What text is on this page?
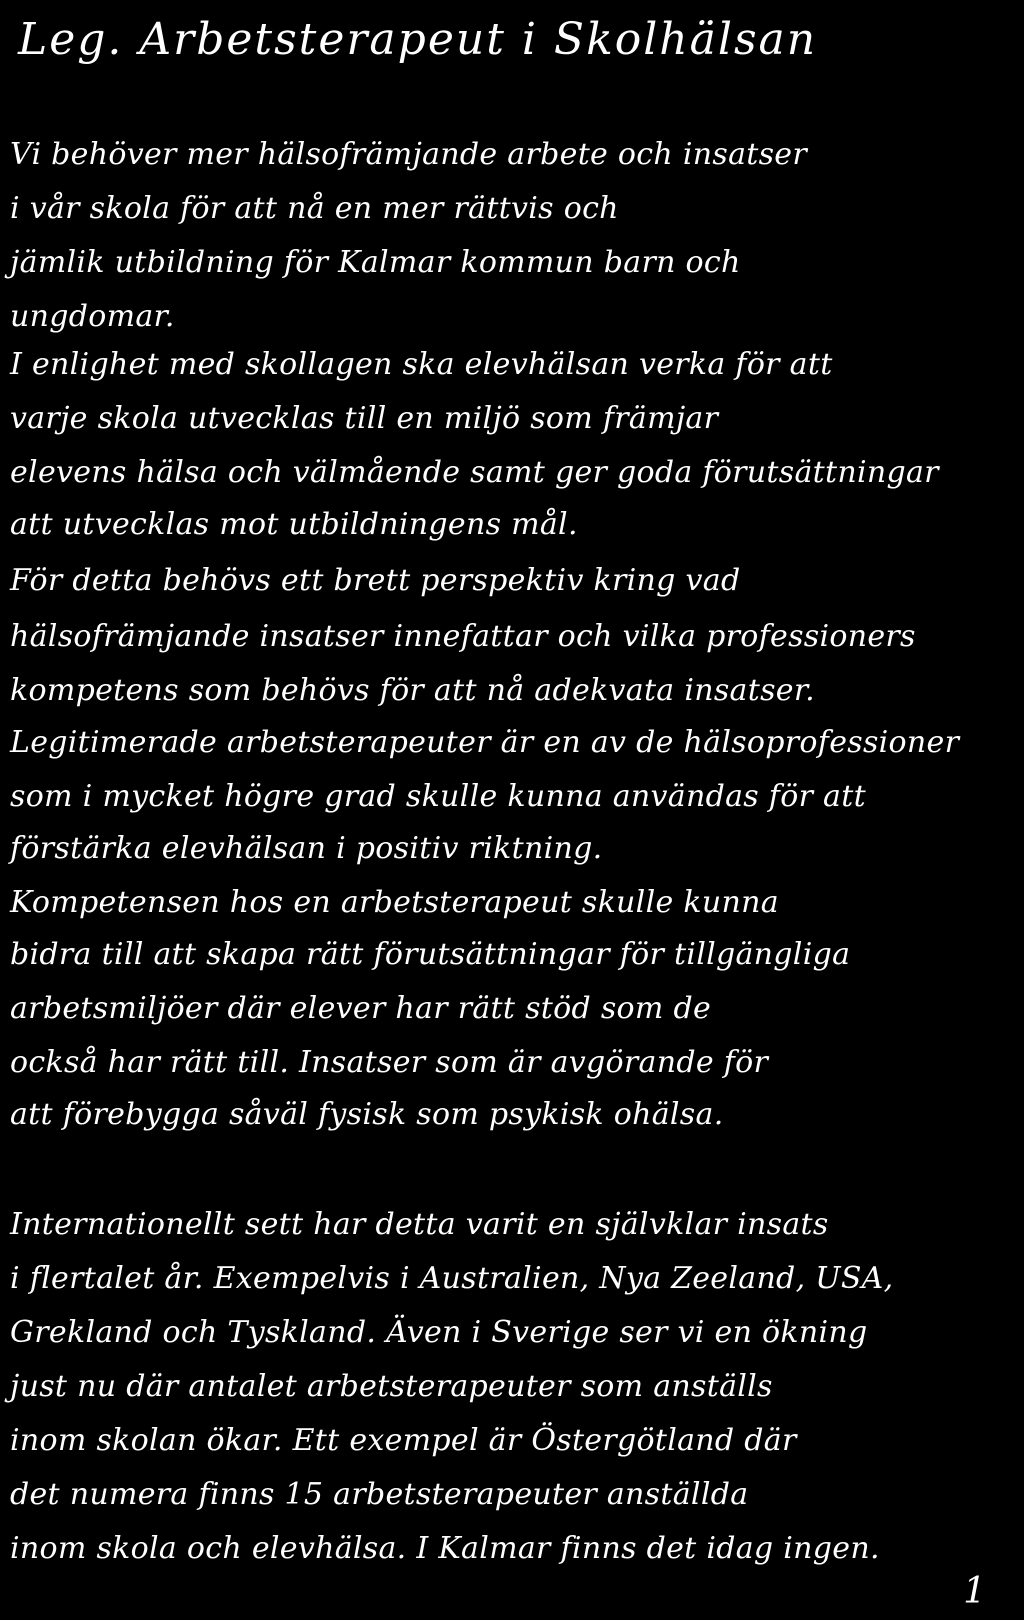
Leg. Arbetsterapeut i Skolhälsan
Vi behöver mer hälsofrämjande arbete och insatser
i vår skola för att nå en mer rättvis och
jämlik utbildning för Kalmar kommun barn och
ungdomar.
I enlighet med skollagen ska elevhälsan verka för att
varje skola utvecklas till en miljö som främjar
elevens hälsa och välmående samt ger goda förutsättningar
att utvecklas mot utbildningens mål.
För detta behövs ett brett perspektiv kring vad
hälsofrämjande insatser innefattar och vilka professioners
kompetens som behövs för att nå adekvata insatser.
Legitimerade arbetsterapeuter är en av de hälsoprofessioner
som i mycket högre grad skulle kunna användas för att
förstärka elevhälsan i positiv riktning.
Kompetensen hos en arbetsterapeut skulle kunna
bidra till att skapa rätt förutsättningar för tillgängliga
arbetsmiljöer där elever har rätt stöd som de
också har rätt till. Insatser som är avgörande för
att förebygga såväl fysisk som psykisk ohälsa.
Internationellt sett har detta varit en självklar insats
i flertalet år. Exempelvis i Australien, Nya Zeeland, USA,
Grekland och Tyskland. Även i Sverige ser vi en ökning
just nu där antalet arbetsterapeuter som anställs
inom skolan ökar. Ett exempel är Östergötland där
det numera finns 15 arbetsterapeuter anställda
inom skola och elevhälsa. I Kalmar finns det idag ingen.
1
